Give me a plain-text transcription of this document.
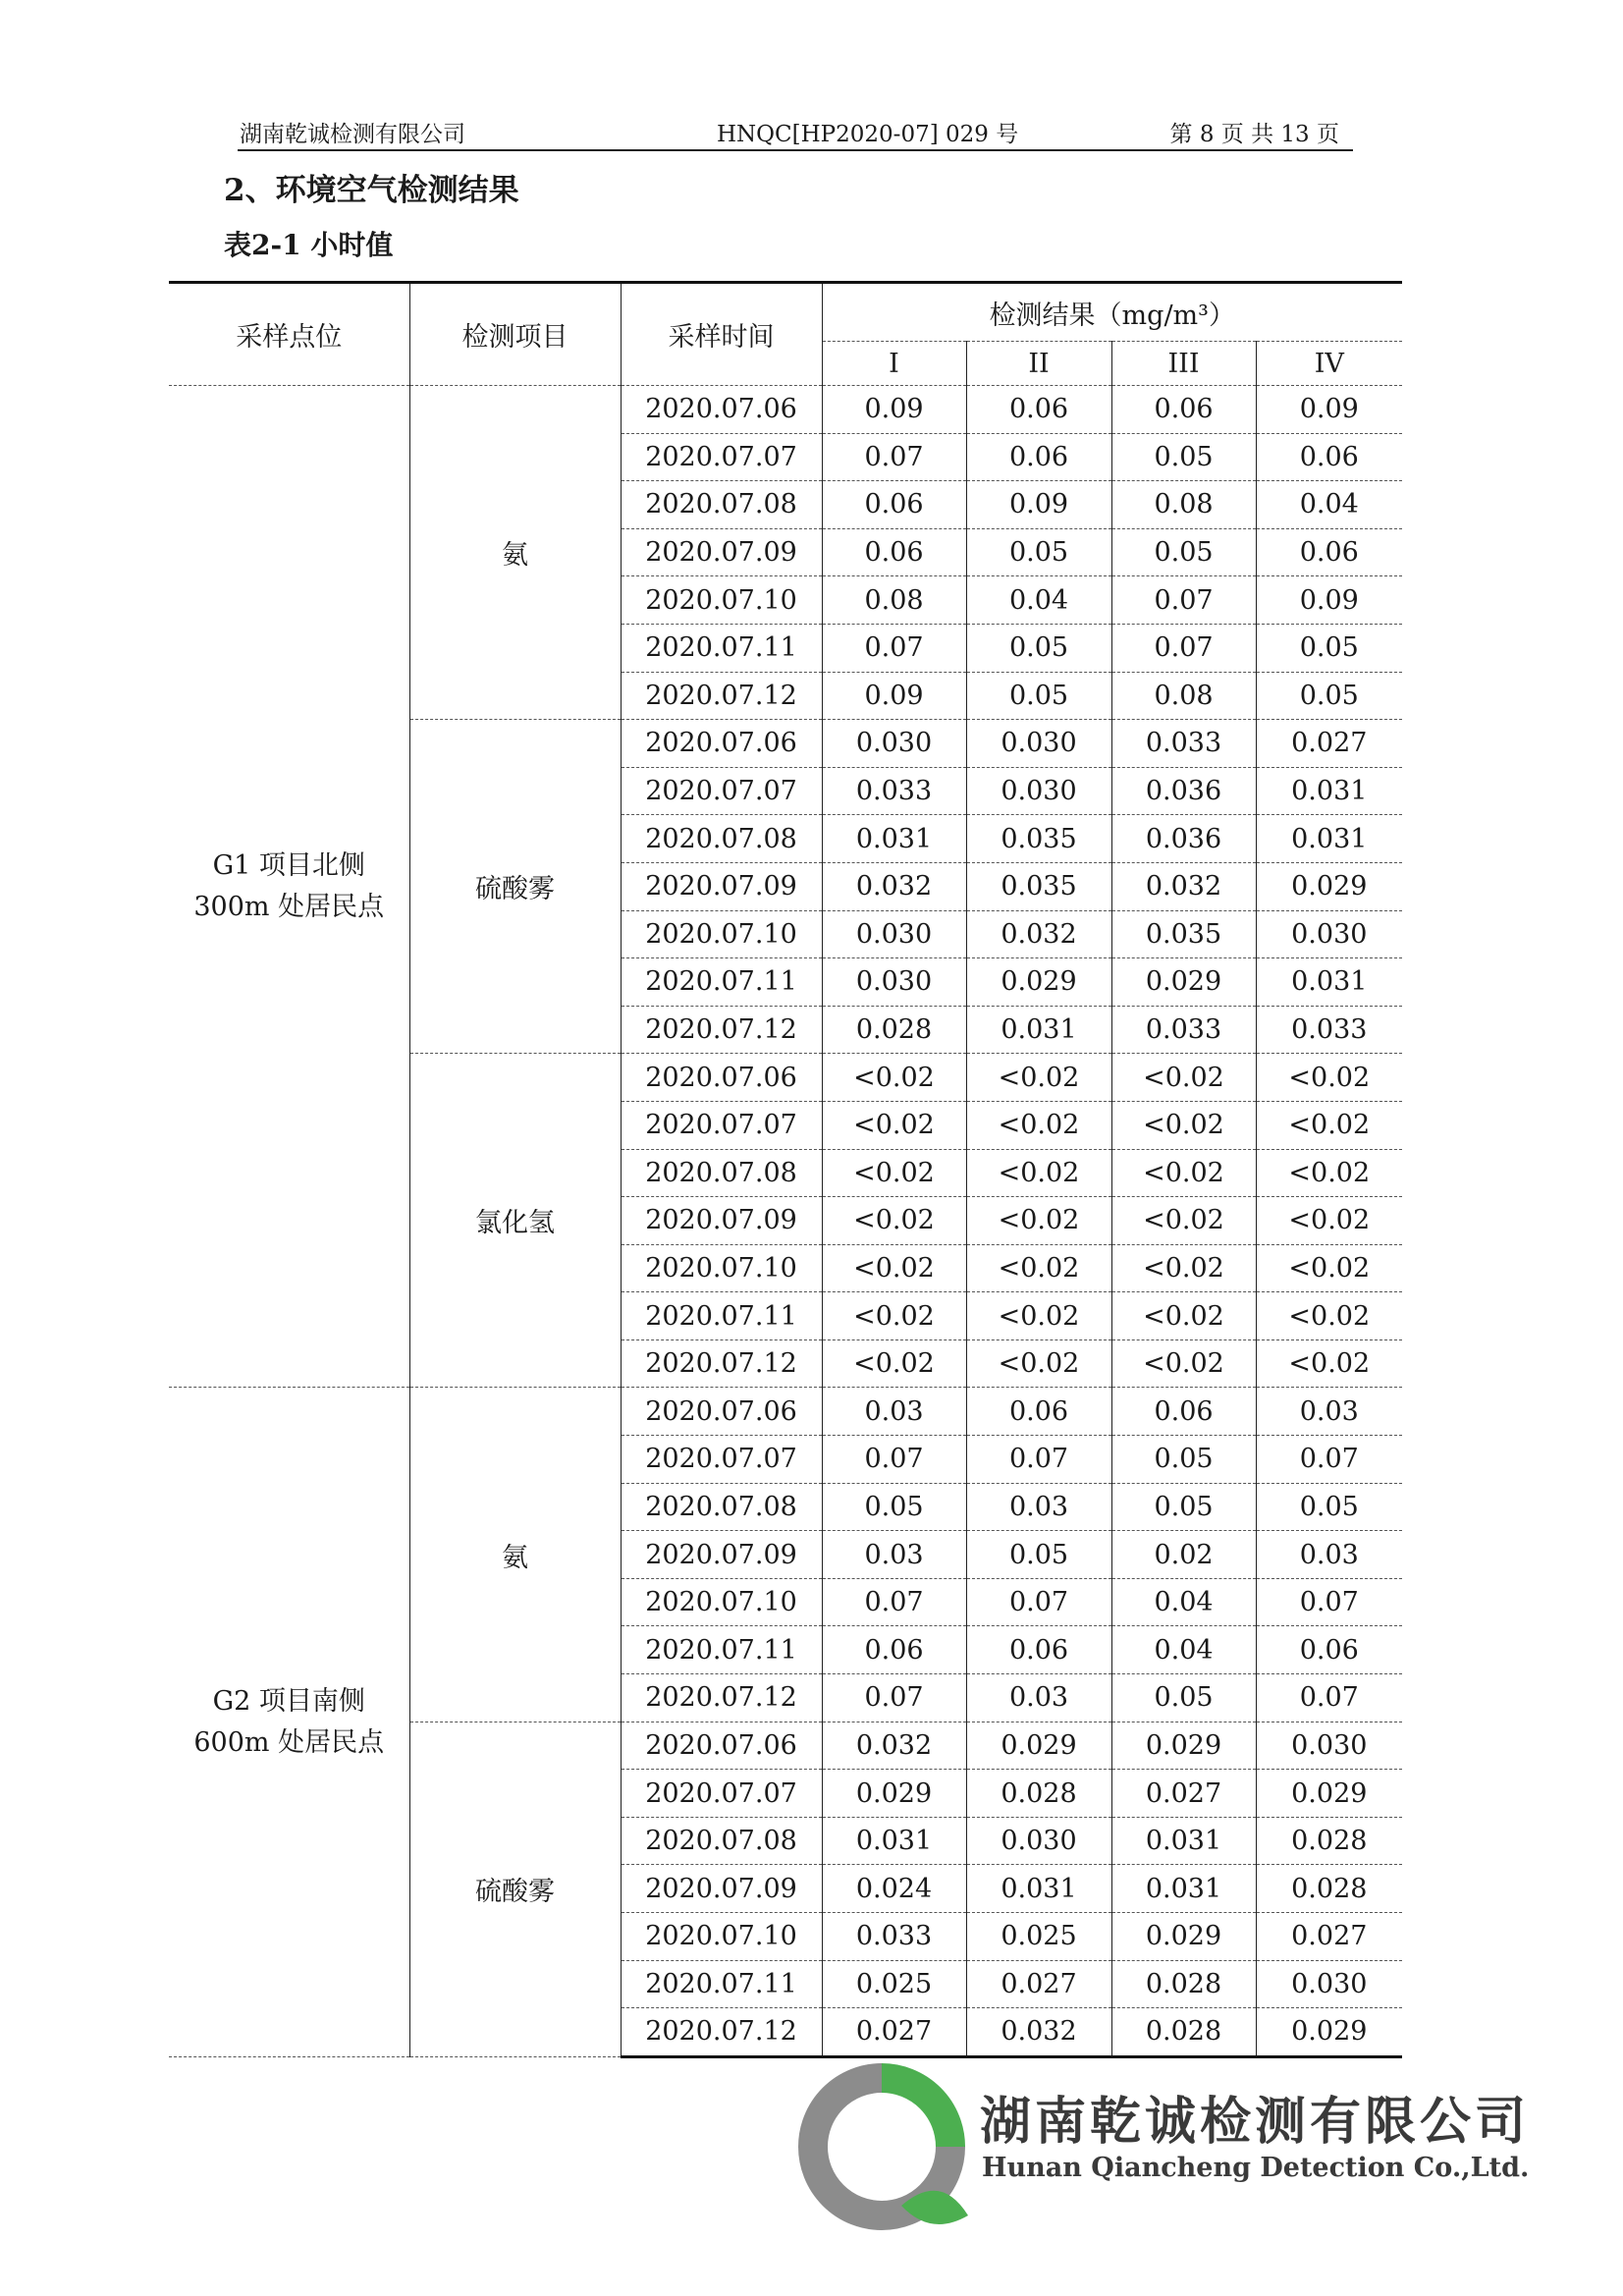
湖南乾诚检测有限公司	HNQC[HP2020-07] 029 号	第 8 页 共 13 页
2、环境空气检测结果
表2-1 小时值
采样点位	检测项目	采样时间	检测结果（mg/m³）			
			I	II	III	IV

G1 项目北侧
300m 处居民点	氨	2020.07.06	0.09	0.06	0.06	0.09
		2020.07.07	0.07	0.06	0.05	0.06
		2020.07.08	0.06	0.09	0.08	0.04
		2020.07.09	0.06	0.05	0.05	0.06
		2020.07.10	0.08	0.04	0.07	0.09
		2020.07.11	0.07	0.05	0.07	0.05
		2020.07.12	0.09	0.05	0.08	0.05
	硫酸雾	2020.07.06	0.030	0.030	0.033	0.027
		2020.07.07	0.033	0.030	0.036	0.031
		2020.07.08	0.031	0.035	0.036	0.031
		2020.07.09	0.032	0.035	0.032	0.029
		2020.07.10	0.030	0.032	0.035	0.030
		2020.07.11	0.030	0.029	0.029	0.031
		2020.07.12	0.028	0.031	0.033	0.033
	氯化氢	2020.07.06	<0.02	<0.02	<0.02	<0.02
		2020.07.07	<0.02	<0.02	<0.02	<0.02
		2020.07.08	<0.02	<0.02	<0.02	<0.02
		2020.07.09	<0.02	<0.02	<0.02	<0.02
		2020.07.10	<0.02	<0.02	<0.02	<0.02
		2020.07.11	<0.02	<0.02	<0.02	<0.02
		2020.07.12	<0.02	<0.02	<0.02	<0.02

G2 项目南侧
600m 处居民点	氨	2020.07.06	0.03	0.06	0.06	0.03
		2020.07.07	0.07	0.07	0.05	0.07
		2020.07.08	0.05	0.03	0.05	0.05
		2020.07.09	0.03	0.05	0.02	0.03
		2020.07.10	0.07	0.07	0.04	0.07
		2020.07.11	0.06	0.06	0.04	0.06
		2020.07.12	0.07	0.03	0.05	0.07
	硫酸雾	2020.07.06	0.032	0.029	0.029	0.030
		2020.07.07	0.029	0.028	0.027	0.029
		2020.07.08	0.031	0.030	0.031	0.028
		2020.07.09	0.024	0.031	0.031	0.028
		2020.07.10	0.033	0.025	0.029	0.027
		2020.07.11	0.025	0.027	0.028	0.030
		2020.07.12	0.027	0.032	0.028	0.029
湖南乾诚检测有限公司
Hunan Qiancheng Detection Co.,Ltd.
